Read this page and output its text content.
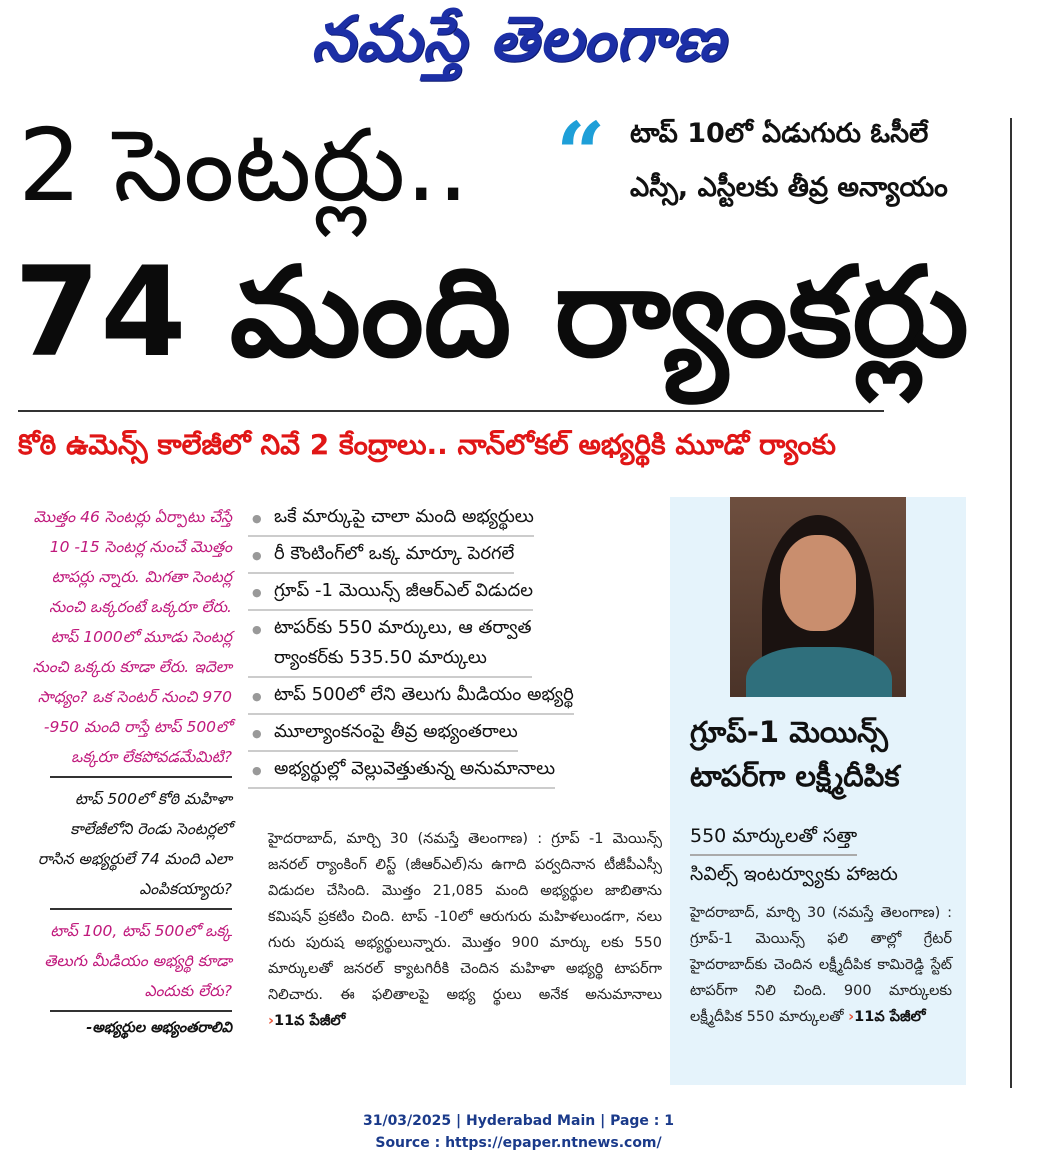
నమస్తే తెలంగాణ
2 సెంటర్లు.. “ టాప్ 10లో ఏడుగురు ఓసీలే
ఎస్సీ, ఎస్టీలకు తీవ్ర అన్యాయం
74 మంది ర్యాంకర్లు
కోఠి ఉమెన్స్ కాలేజీలో నివే 2 కేంద్రాలు.. నాన్‌లోకల్ అభ్యర్థికి మూడో ర్యాంకు

మొత్తం 46 సెంటర్లు ఏర్పాటు చేస్తే 10 -15 సెంటర్ల నుంచే మొత్తం టాపర్లు న్నారు. మిగతా సెంటర్ల నుంచి ఒక్కరంటే ఒక్కరూ లేరు. టాప్ 1000లో మూడు సెంటర్ల నుంచి ఒక్కరు కూడా లేరు. ఇదెలా సాధ్యం? ఒక సెంటర్ నుంచి 970 -950 మంది రాస్తే టాప్ 500లో ఒక్కరూ లేకపోవడమేమిటి?

టాప్ 500లో కోఠి మహిళా కాలేజీలోని రెండు సెంటర్లలో రాసిన అభ్యర్థులే 74 మంది ఎలా ఎంపికయ్యారు?

టాప్ 100, టాప్ 500లో ఒక్క తెలుగు మీడియం అభ్యర్థి కూడా ఎందుకు లేరు?

-అభ్యర్థుల అభ్యంతరాలివి
● ఒకే మార్కుపై చాలా మంది అభ్యర్థులు
● రీ కౌంటింగ్‌లో ఒక్క మార్కూ పెరగలే
● గ్రూప్ -1 మెయిన్స్ జీఆర్‌ఎల్ విడుదల
● టాపర్‌కు 550 మార్కులు, ఆ తర్వాత
ర్యాంకర్‌కు 535.50 మార్కులు
● టాప్ 500లో లేని తెలుగు మీడియం అభ్యర్థి
● మూల్యాంకనంపై తీవ్ర అభ్యంతరాలు
● అభ్యర్థుల్లో వెల్లువెత్తుతున్న అనుమానాలు
హైదరాబాద్, మార్చి 30 (నమస్తే తెలంగాణ) : గ్రూప్ -1 మెయిన్స్ జనరల్ ర్యాంకింగ్ లిస్ట్ (జీఆర్‌ఎల్)ను ఉగాది పర్వదినాన టీజీపీఎస్సీ విడుదల చేసింది. మొత్తం 21,085 మంది అభ్యర్థుల జాబితాను కమిషన్ ప్రకటిం చింది. టాప్ -10లో ఆరుగురు మహిళలుండగా, నలు గురు పురుష అభ్యర్థులున్నారు. మొత్తం 900 మార్కు లకు 550 మార్కులతో జనరల్ క్యాటగిరీకి చెందిన మహిళా అభ్యర్థి టాపర్‌గా నిలిచారు. ఈ ఫలితాలపై అభ్య ర్థులు అనేక అనుమానాలు ›11వ పేజీలో
గ్రూప్-1 మెయిన్స్
టాపర్‌గా లక్ష్మీదీపిక
550 మార్కులతో సత్తా
సివిల్స్ ఇంటర్వ్యూకు హాజరు
హైదరాబాద్, మార్చి 30 (నమస్తే తెలంగాణ) : గ్రూప్-1 మెయిన్స్ ఫలి తాల్లో గ్రేటర్ హైదరాబాద్‌కు చెందిన లక్ష్మీదీపిక కామిరెడ్డి స్టేట్ టాపర్‌గా నిలి చింది. 900 మార్కులకు లక్ష్మీదీపిక 550 మార్కులతో ›11వ పేజీలో
31/03/2025 | Hyderabad Main | Page : 1
Source : https://epaper.ntnews.com/
